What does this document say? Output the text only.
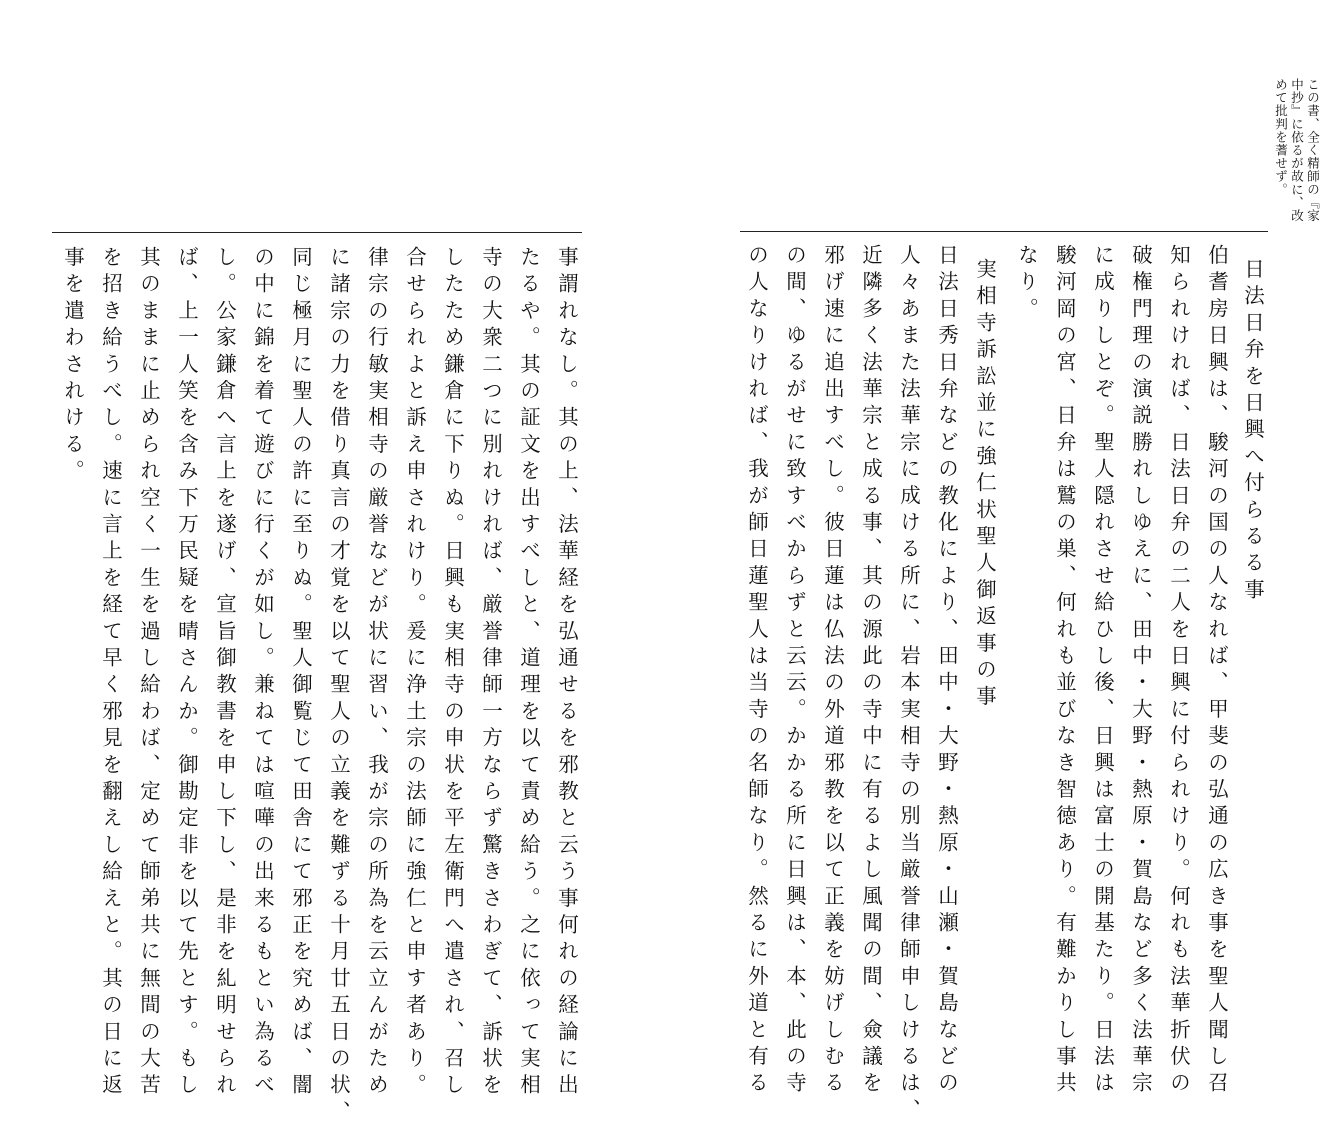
この書、全く精師の『家
中抄』に依るが故に、改
めて批判を蓍せず。
日法日弁を日興へ付らるる事
伯耆房日興は、駿河の国の人なれば、甲斐の弘通の広き事を聖人聞し召
知られければ、日法日弁の二人を日興に付られけり。何れも法華折伏の
破権門理の演説勝れしゆえに、田中・大野・熱原・賀島など多く法華宗
に成りしとぞ。聖人隠れさせ給ひし後、日興は富士の開基たり。日法は
駿河岡の宮、日弁は鷲の巣、何れも並びなき智徳あり。有難かりし事共
なり。
実相寺訴訟並に強仁状聖人御返事の事
日法日秀日弁などの教化により、田中・大野・熱原・山瀬・賀島などの
人々あまた法華宗に成ける所に、岩本実相寺の別当厳誉律師申しけるは、
近隣多く法華宗と成る事、其の源此の寺中に有るよし風聞の間、僉議を
邪げ速に追出すべし。彼日蓮は仏法の外道邪教を以て正義を妨げしむる
の間、ゆるがせに致すべからずと云云。かかる所に日興は、本、此の寺
の人なりければ、我が師日蓮聖人は当寺の名師なり。然るに外道と有る
事謂れなし。其の上、法華経を弘通せるを邪教と云う事何れの経論に出
たるや。其の証文を出すべしと、道理を以て責め給う。之に依って実相
寺の大衆二つに別れければ、厳誉律師一方ならず驚きさわぎて、訴状を
したため鎌倉に下りぬ。日興も実相寺の申状を平左衛門へ遣され、召し
合せられよと訴え申されけり。爰に浄土宗の法師に強仁と申す者あり。
律宗の行敏実相寺の厳誉などが状に習い、我が宗の所為を云立んがため
に諸宗の力を借り真言の才覚を以て聖人の立義を難ずる十月廿五日の状、
同じ極月に聖人の許に至りぬ。聖人御覧じて田舎にて邪正を究めば、闇
の中に錦を着て遊びに行くが如し。兼ねては喧嘩の出来るもとい為るべ
し。公家鎌倉へ言上を遂げ、宣旨御教書を申し下し、是非を糺明せられ
ば、上一人笑を含み下万民疑を晴さんか。御勘定非を以て先とす。もし
其のままに止められ空く一生を過し給わば、定めて師弟共に無間の大苦
を招き給うべし。速に言上を経て早く邪見を翻えし給えと。其の日に返
事を遣わされける。
